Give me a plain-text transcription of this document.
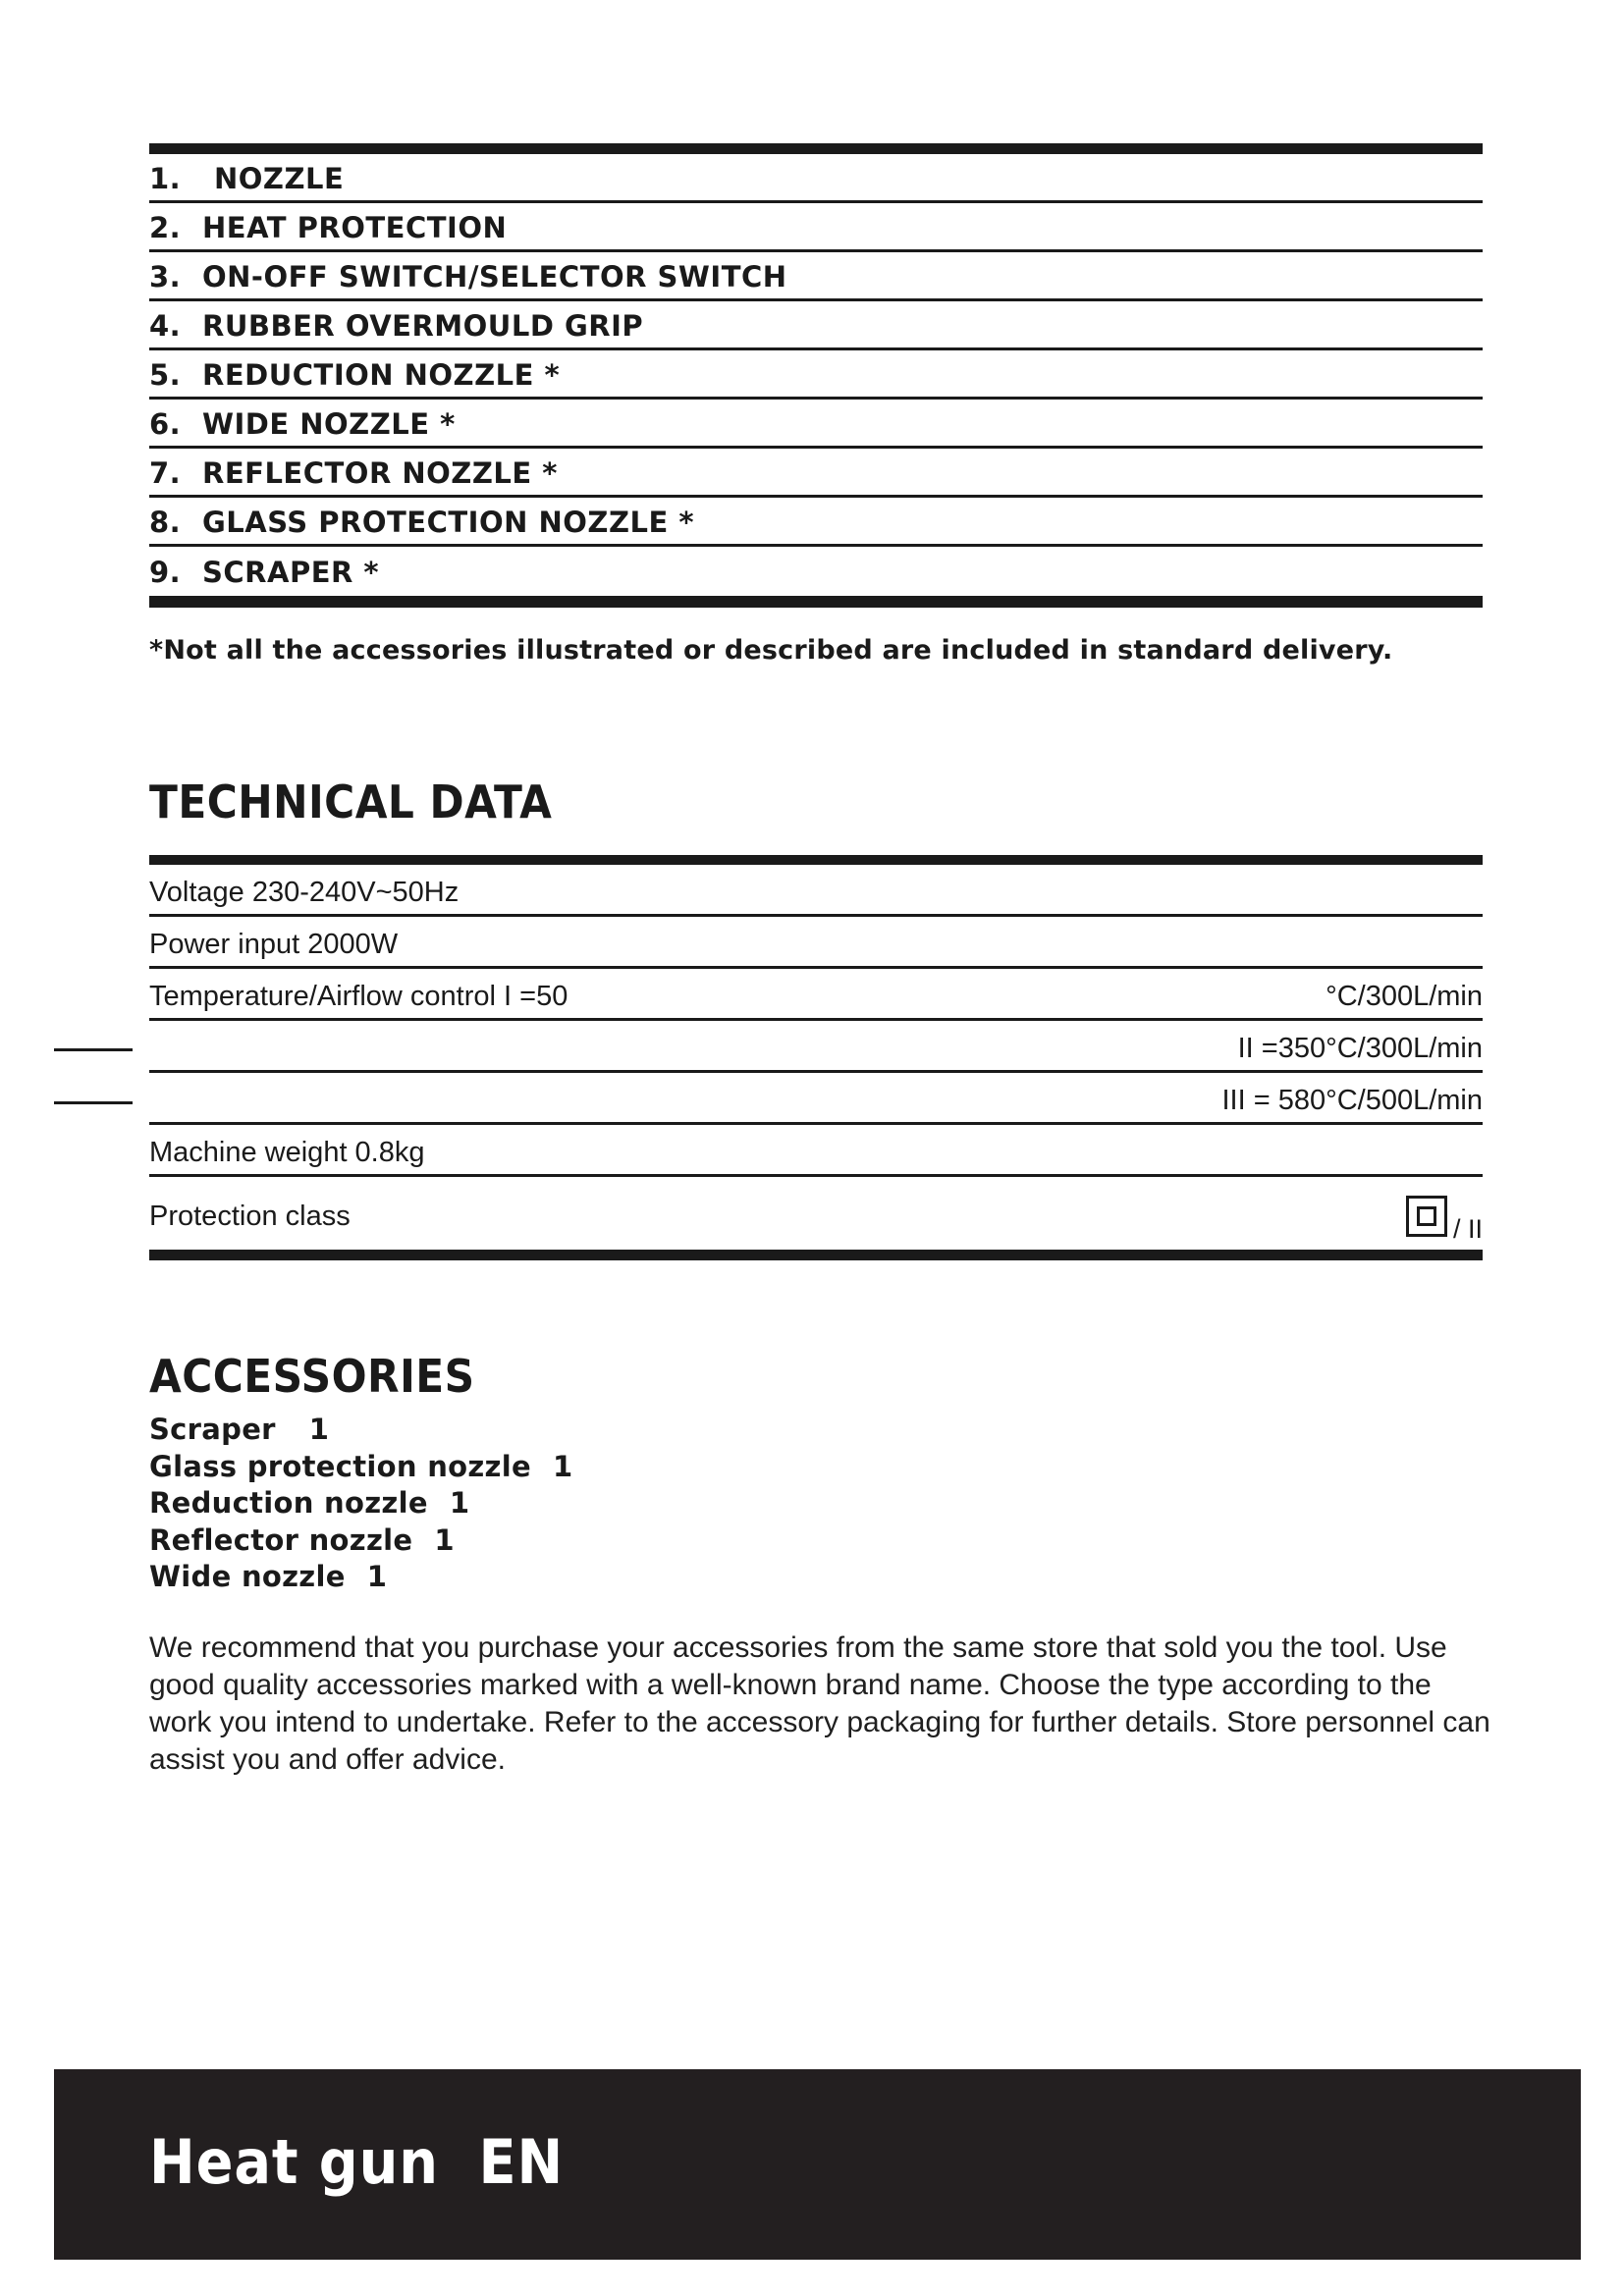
1.	NOZZLE
2. HEAT PROTECTION
3. ON-OFF SWITCH/SELECTOR SWITCH
4. RUBBER OVERMOULD GRIP
5. REDUCTION NOZZLE *
6. WIDE NOZZLE *
7. REFLECTOR NOZZLE *
8. GLASS PROTECTION NOZZLE *
9. SCRAPER *
*Not all the accessories illustrated or described are included in standard delivery.
TECHNICAL DATA
Voltage 230-240V~50Hz
Power input 2000W
Temperature/Airflow control I =50	°C/300L/min
II =350°C/300L/min
III = 580°C/500L/min
Machine weight 0.8kg
Protection class	/ II
ACCESSORIES
Scraper 1
Glass protection nozzle 1
Reduction nozzle 1
Reflector nozzle 1
Wide nozzle 1
We recommend that you purchase your accessories from the same store that sold you the tool. Use good quality accessories marked with a well-known brand name. Choose the type according to the work you intend to undertake. Refer to the accessory packaging for further details. Store personnel can assist you and offer advice.
Heat gun  EN
